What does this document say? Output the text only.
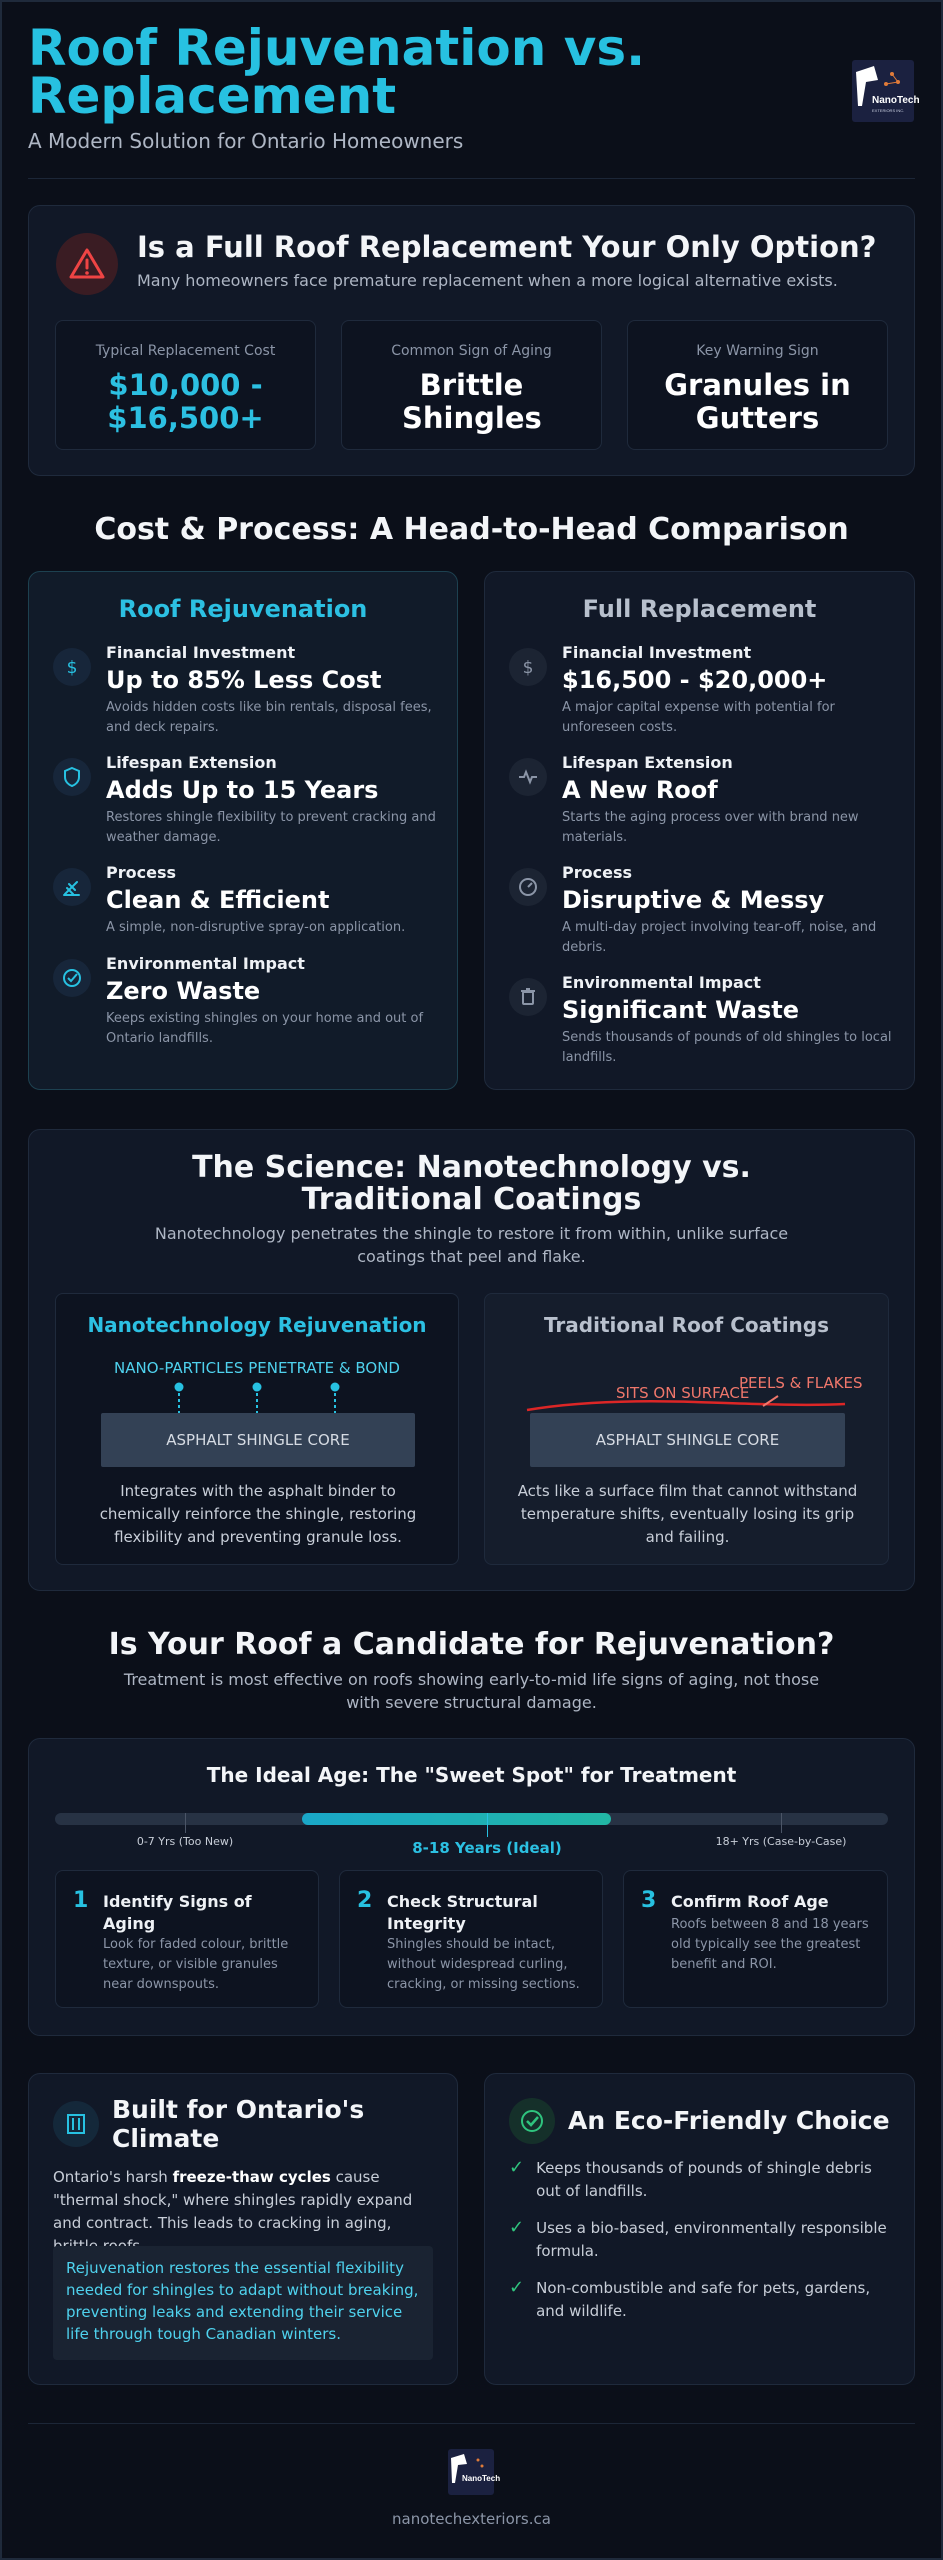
Roof Rejuvenation vs. Replacement
A Modern Solution for Ontario Homeowners
NanoTech
EXTERIORS INC.
Is a Full Roof Replacement Your Only Option?
Many homeowners face premature replacement when a more logical alternative exists.
Typical Replacement Cost
$10,000 - $16,500+
Common Sign of Aging
Brittle Shingles
Key Warning Sign
Granules in Gutters
Cost & Process: A Head-to-Head Comparison
Roof Rejuvenation	Full Replacement
$
Financial Investment
Up to 85% Less Cost
Avoids hidden costs like bin rentals, disposal fees, and deck repairs.
Lifespan Extension
Adds Up to 15 Years
Restores shingle flexibility to prevent cracking and weather damage.
Process
Clean & Efficient
A simple, non-disruptive spray-on application.
Environmental Impact
Zero Waste
Keeps existing shingles on your home and out of Ontario landfills.
$
Financial Investment
$16,500 - $20,000+
A major capital expense with potential for unforeseen costs.
Lifespan Extension
A New Roof
Starts the aging process over with brand new materials.
Process
Disruptive & Messy
A multi-day project involving tear-off, noise, and debris.
Environmental Impact
Significant Waste
Sends thousands of pounds of old shingles to local landfills.
The Science: Nanotechnology vs. Traditional Coatings
Nanotechnology penetrates the shingle to restore it from within, unlike surface coatings that peel and flake.
Nanotechnology Rejuvenation
NANO-PARTICLES PENETRATE & BOND
ASPHALT SHINGLE CORE
Integrates with the asphalt binder to chemically reinforce the shingle, restoring flexibility and preventing granule loss.
Traditional Roof Coatings
SITS ON SURFACE
PEELS & FLAKES
ASPHALT SHINGLE CORE
Acts like a surface film that cannot withstand temperature shifts, eventually losing its grip and failing.
Is Your Roof a Candidate for Rejuvenation?
Treatment is most effective on roofs showing early-to-mid life signs of aging, not those with severe structural damage.
The Ideal Age: The "Sweet Spot" for Treatment
0-7 Yrs (Too New)	8-18 Years (Ideal)	18+ Yrs (Case-by-Case)
1 Identify Signs of Aging
Look for faded colour, brittle texture, or visible granules near downspouts.
2 Check Structural Integrity
Shingles should be intact, without widespread curling, cracking, or missing sections.
3 Confirm Roof Age
Roofs between 8 and 18 years old typically see the greatest benefit and ROI.
Built for Ontario's Climate
Ontario's harsh freeze-thaw cycles cause "thermal shock," where shingles rapidly expand and contract. This leads to cracking in aging,
Rejuvenation restores the essential flexibility needed for shingles to adapt without breaking, preventing leaks and extending their service life through tough Canadian winters.
An Eco-Friendly Choice
✓ Keeps thousands of pounds of shingle debris out of landfills.
✓ Uses a bio-based, environmentally responsible formula.
✓ Non-combustible and safe for pets, gardens, and wildlife.
NanoTech
nanotechexteriors.ca
